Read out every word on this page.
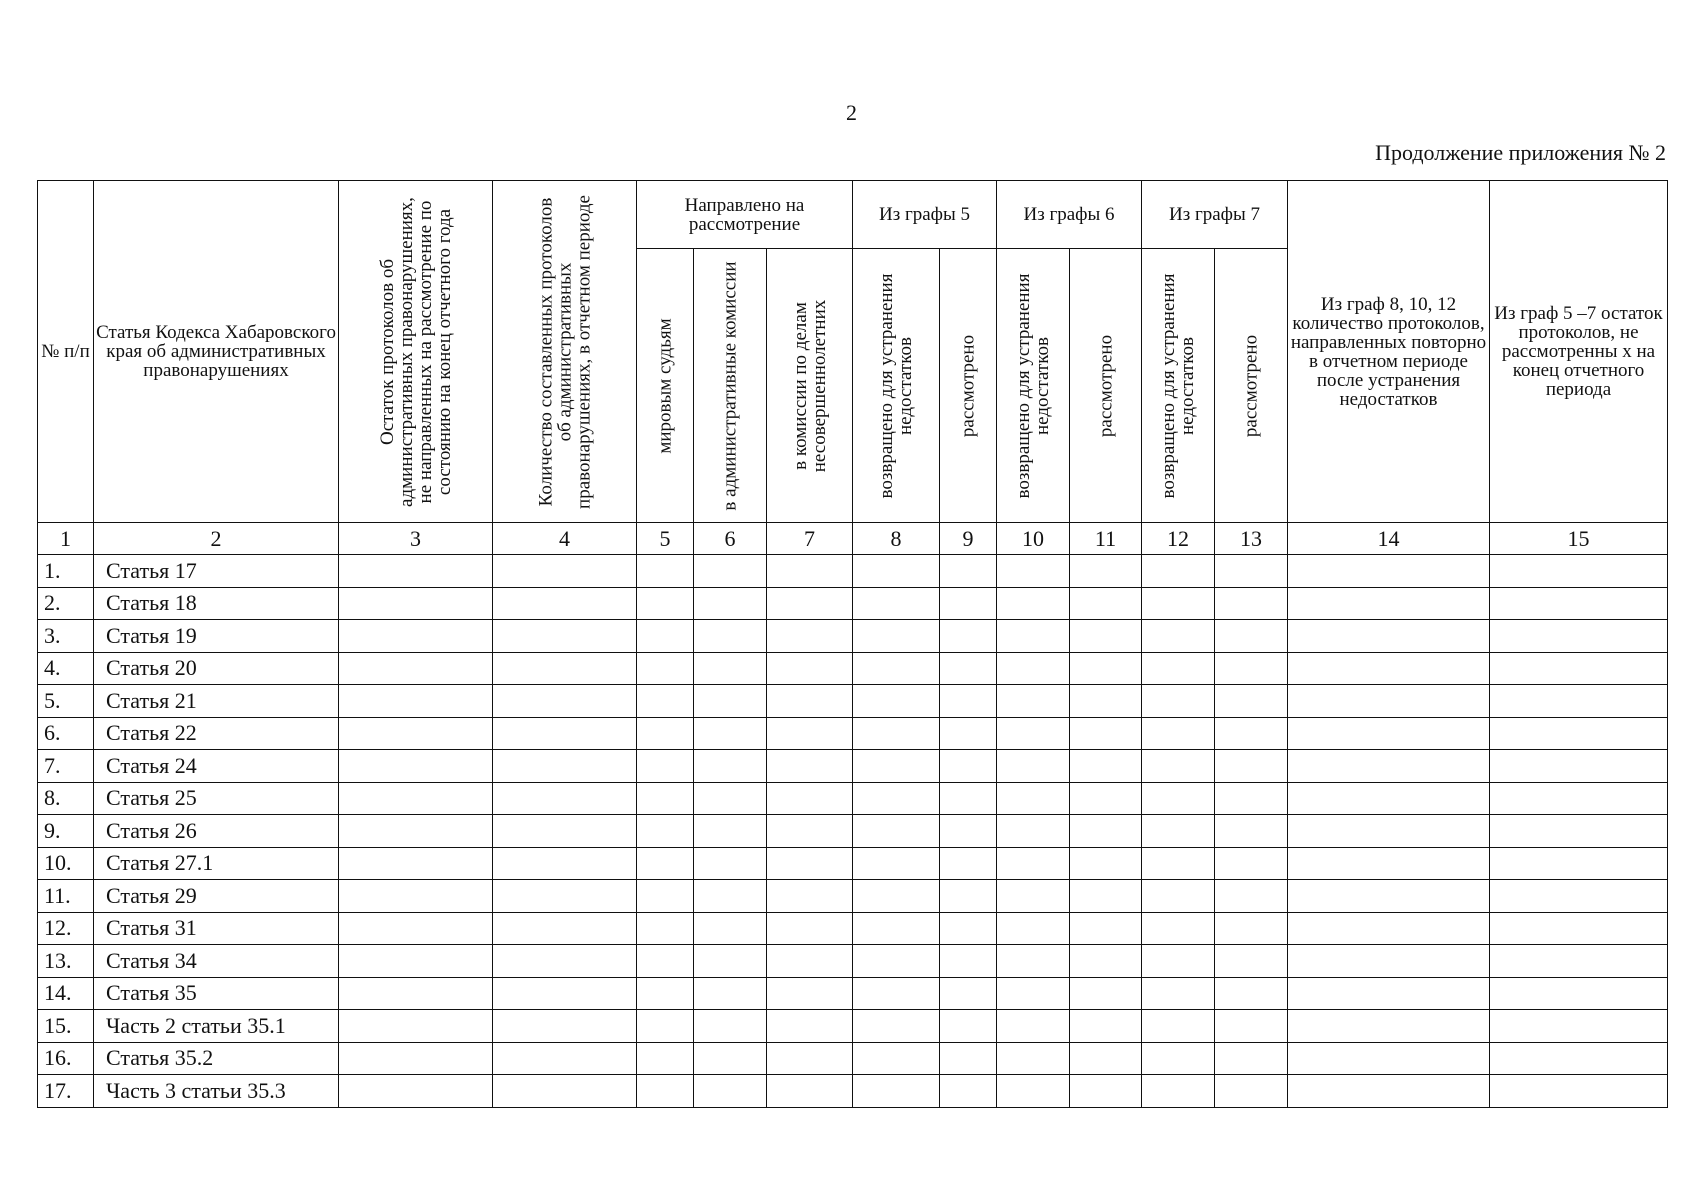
2
Продолжение приложения № 2
№ п/п	Статья Кодекса Хабаровского края об административных правонарушениях	Остаток протоколов об административных правонарушениях, не направленных на рассмотрение по состоянию на конец отчетного года	Количество составленных протоколов об административных правонарушениях, в отчетном периоде	Направлено на рассмотрение			Из графы 5		Из графы 6		Из графы 7		Из граф 8, 10, 12 количество протоколов, направленных повторно в отчетном периоде после устранения недостатков	Из граф 5 –7 остаток протоколов, не рассмотренны х на конец отчетного периода

				мировым судьям	в административные комиссии	в комиссии по делам несовершеннолетних	возвращено для устранения недостатков	рассмотрено	возвращено для устранения недостатков	рассмотрено	возвращено для устранения недостатков	рассмотрено		

1	2	3	4	5	6	7	8	9	10	11	12	13	14	15
1.	Статья 17													
2.	Статья 18													
3.	Статья 19													
4.	Статья 20													
5.	Статья 21													
6.	Статья 22													
7.	Статья 24													
8.	Статья 25													
9.	Статья 26													
10.	Статья 27.1													
11.	Статья 29													
12.	Статья 31													
13.	Статья 34													
14.	Статья 35													
15.	Часть 2 статьи 35.1													
16.	Статья 35.2													
17.	Часть 3 статьи 35.3													
